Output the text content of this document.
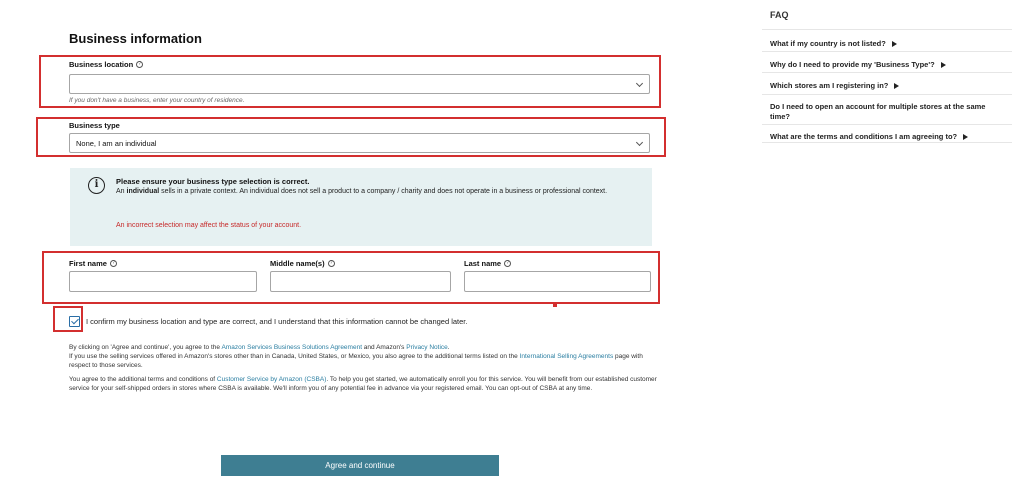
Business information
Business location	?
If you don't have a business, enter your country of residence.
Business type
None, I am an individual
i	Please ensure your business type selection is correct.
An individual sells in a private context. An individual does not sell a product to a company / charity and does not operate in a business or professional context.
An incorrect selection may affect the status of your account.
First name	?	Middle name(s)	?	Last name	?
I confirm my business location and type are correct, and I understand that this information cannot be changed later.
By clicking on 'Agree and continue', you agree to the Amazon Services Business Solutions Agreement and Amazon's Privacy Notice.
If you use the selling services offered in Amazon's stores other than in Canada, United States, or Mexico, you also agree to the additional terms listed on the International Selling Agreements page with respect to those services.
You agree to the additional terms and conditions of Customer Service by Amazon (CSBA). To help you get started, we automatically enroll you for this service. You will benefit from our established customer service for your self-shipped orders in stores where CSBA is available. We'll inform you of any potential fee in advance via your registered email. You can opt-out of CSBA at any time.
Agree and continue
FAQ
What if my country is not listed?
Why do I need to provide my 'Business Type'?
Which stores am I registering in?
Do I need to open an account for multiple stores at the same time?
What are the terms and conditions I am agreeing to?
